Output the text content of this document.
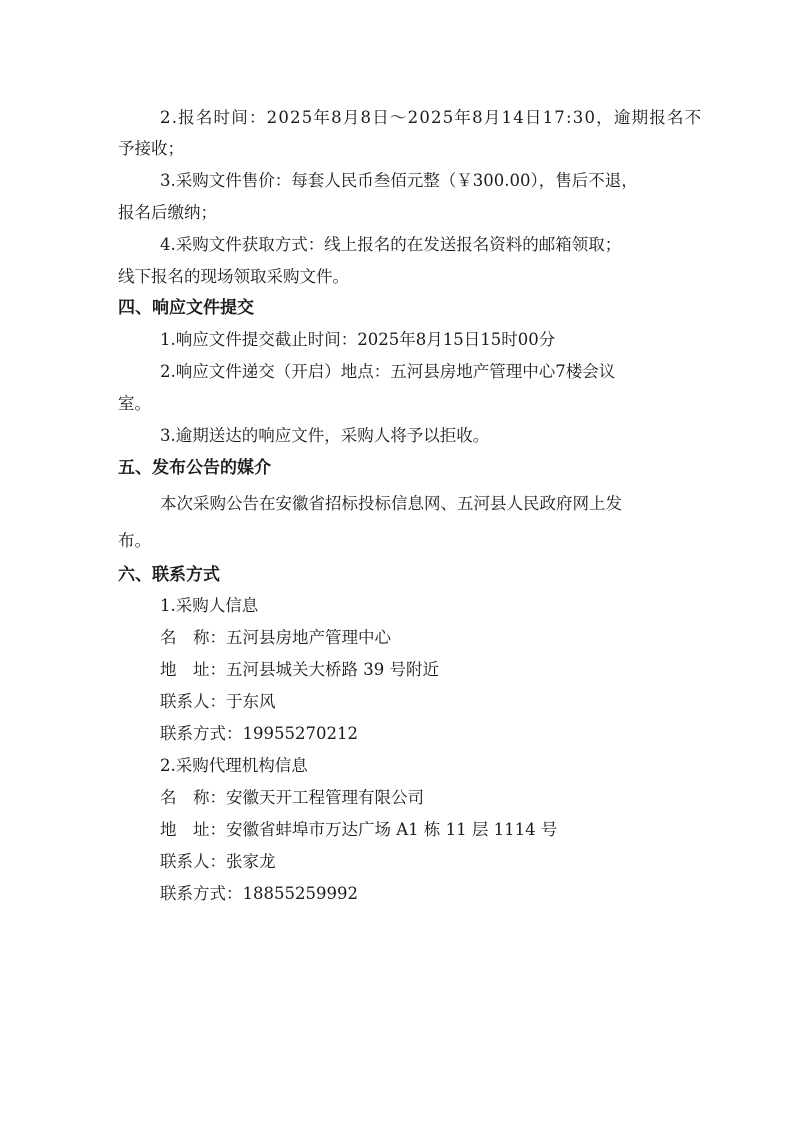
2.报名时间：2025年8月8日～2025年8月14日17:30，逾期报名不
予接收；
3.采购文件售价：每套人民币叁佰元整（￥300.00），售后不退，
报名后缴纳；
4.采购文件获取方式：线上报名的在发送报名资料的邮箱领取；
线下报名的现场领取采购文件。
四、响应文件提交
1.响应文件提交截止时间：2025年8月15日15时00分
2.响应文件递交（开启）地点：五河县房地产管理中心7楼会议
室。
3.逾期送达的响应文件，采购人将予以拒收。
五、发布公告的媒介
本次采购公告在安徽省招标投标信息网、五河县人民政府网上发
布。
六、联系方式
1.采购人信息
名　称：五河县房地产管理中心
地　址：五河县城关大桥路 39 号附近
联系人：于东风
联系方式：19955270212
2.采购代理机构信息
名　称：安徽天开工程管理有限公司
地　址：安徽省蚌埠市万达广场 A1 栋 11 层 1114 号
联系人：张家龙
联系方式：18855259992
